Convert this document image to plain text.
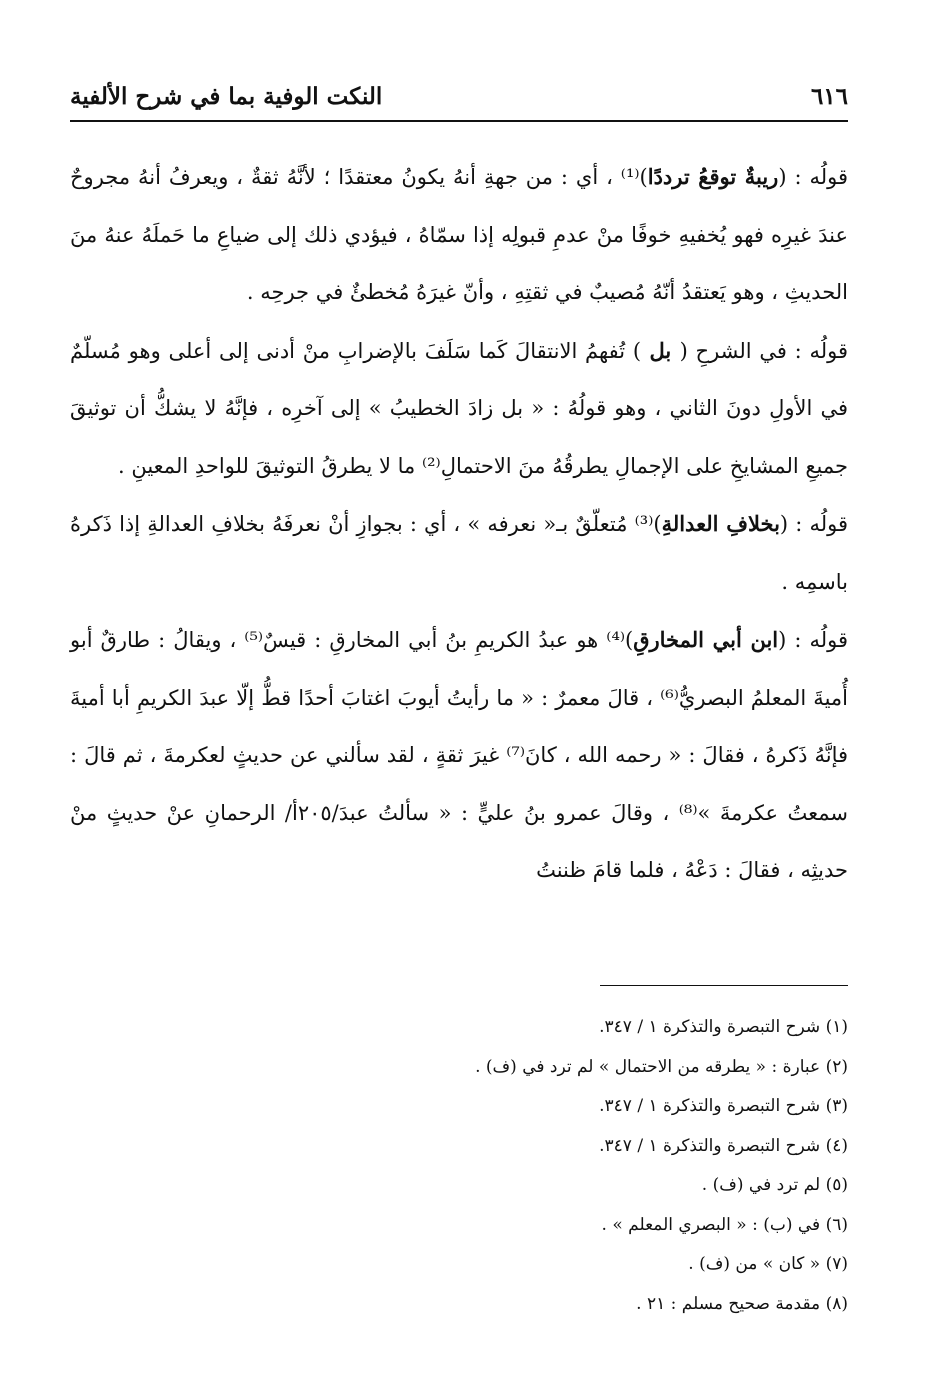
٦١٦
النكت الوفية بما في شرح الألفية

قولُه : (ريبةٌ توقعُ ترددًا)⁽¹⁾ ، أي : من جهةِ أنهُ يكونُ معتقدًا ؛ لأنَّهُ ثقةٌ ، ويعرفُ أنهُ مجروحٌ عندَ غيرِه فهو يُخفيهِ خوفًا منْ عدمِ قبولِه إذا سمّاهُ ، فيؤدي ذلك إلى ضياعِ ما حَملَهُ عنهُ منَ الحديثِ ، وهو يَعتقدُ أنّهُ مُصيبٌ في ثقتِهِ ، وأنّ غيرَهُ مُخطئٌ في جرحِه .

قولُه : في الشرحِ ( بل ) تُفهمُ الانتقالَ كَما سَلَفَ بالإضرابِ منْ أدنى إلى أعلى وهو مُسلّمٌ في الأولِ دونَ الثاني ، وهو قولُهُ : « بل زادَ الخطيبُ » إلى آخرِه ، فإنَّهُ لا يشكُّ أن توثيقَ جميعِ المشايخِ على الإجمالِ يطرقُهُ منَ الاحتمالِ⁽²⁾ ما لا يطرقُ التوثيقَ للواحدِ المعينِ .

قولُه : (بخلافِ العدالةِ)⁽³⁾ مُتعلّقٌ بـ« نعرفه » ، أي : بجوازِ أنْ نعرفَهُ بخلافِ العدالةِ إذا ذَكرهُ باسمِه .

قولُه : (ابن أبي المخارقِ)⁽⁴⁾ هو عبدُ الكريمِ بنُ أبي المخارقِ : قيسٌ⁽⁵⁾ ، ويقالُ : طارقٌ أبو أُميةَ المعلمُ البصريُّ⁽⁶⁾ ، قالَ معمرٌ : « ما رأيتُ أيوبَ اغتابَ أحدًا قطُّ إلّا عبدَ الكريمِ أبا أميةَ فإنَّهُ ذَكرهُ ، فقالَ : « رحمه الله ، كانَ⁽⁷⁾ غيرَ ثقةٍ ، لقد سألني عن حديثٍ لعكرمةَ ، ثم قالَ : سمعتُ عكرمةَ »⁽⁸⁾ ، وقالَ عمرو بنُ عليٍّ : « سألتُ عبدَ/٢٠٥أ/ الرحمانِ عنْ حديثٍ منْ حديثِه ، فقالَ : دَعْهُ ، فلما قامَ ظننتُ

(١) شرح التبصرة والتذكرة ١ / ٣٤٧.
(٢) عبارة : « يطرقه من الاحتمال » لم ترد في (ف) .
(٣) شرح التبصرة والتذكرة ١ / ٣٤٧.
(٤) شرح التبصرة والتذكرة ١ / ٣٤٧.
(٥) لم ترد في (ف) .
(٦) في (ب) : « البصري المعلم » .
(٧) « كان » من (ف) .
(٨) مقدمة صحيح مسلم : ٢١ .
